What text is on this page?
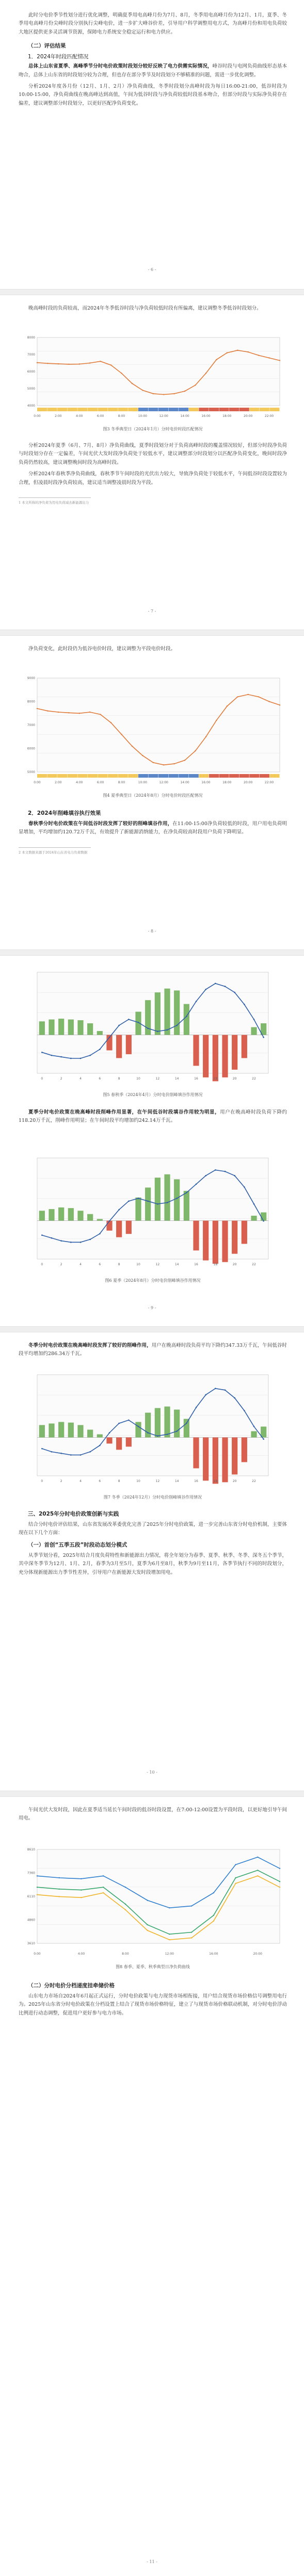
此时分电价季节性划分进行优化调整，明确夏季用电高峰月份为7月、8月，冬季用电高峰月份为12月、1月，夏季、冬季用电高峰月份尖峰时段分别执行尖峰电价，进一步扩大峰谷价差，引导用户科学调整用电方式，为高峰月份和用电负荷较大地区提供更多灵活调节资源，保障电力系统安全稳定运行和电力供应。

（二）评估结果

1．2024年时段匹配情况

总体上山东省夏季、高峰季节分时电价政策时段划分较好反映了电力供需实际情况，峰谷时段与电网负荷曲线形态基本吻合，总体上山东省的时段划分较为合理，但也存在部分季节及时段划分不够精准的问题，需进一步优化调整。

分析2024年度各月份（12月、1月、2月）净负荷曲线，冬季时段划分高峰时段为每日16:00-21:00，低谷时段为10:00-15:00，净负荷曲线在晚高峰达到高值，午间为低谷时段与净负荷较低时段基本吻合，但部分时段与实际净负荷存在偏差，建议调整部分时段划分，以更好匹配净负荷变化。

- 6 -

晚高峰时段的负荷较高，而2024年冬季低谷时段与净负荷较低时段有所偏离，建议调整冬季低谷时段划分。

0:00	2:00	4:00	6:00	8:00	10:00	12:00	14:00	16:00	18:00	20:00	22:00
4000
5000
6000
7000
8000

图3 冬季典型日（2024年1月）分时电价时段匹配情况

分析2024年夏季（6月、7月、8月）净负荷曲线，夏季时段划分对于负荷高峰时段的覆盖情况较好，但部分时段净负荷与时段划分存在一定偏差，午间光伏大发时段净负荷处于较低水平，建议调整部分时段划分以匹配净负荷变化，晚间时段净负荷仍然较高，建议调整晚间时段为高峰时段。

分析2024年春秋季净负荷曲线，春秋季节午间时段的光伏出力较大，导致净负荷处于较低水平，午间低谷时段设置较为合理，但凌晨时段净负荷较高，建议适当调整凌晨时段为平段。

1 本文所称的净负荷为用电负荷减去新能源出力

- 7 -

净负荷变化，此时段仍为低谷电价时段，建议调整为平段电价时段。

0:00	2:00	4:00	6:00	8:00	10:00	12:00	14:00	16:00	18:00	20:00	22:00
5000
6000
7000
8000
9000

图4 夏季典型日（2024年8月）分时电价时段匹配情况

2．2024年削峰填谷执行效果

春秋季分时电价政策在午间低谷时段发挥了较好的削峰填谷作用，在11:00-15:00净负荷较低的时段，用户用电负荷明显增加，平均增加约120.72万千瓦，有效提升了新能源消纳能力，在净负荷较高时段用户负荷下降明显。

2 本文数据来源于2024年山东省电力负荷数据

- 8 -
0	2	4	6	8	10	12	14	16	18	20	22

图5 春秋季（2024年4月）分时电价削峰填谷作用情况

夏季分时电价政策在晚高峰时段削峰作用显著，在午间低谷时段填谷作用较为明显，用户在晚高峰时段负荷下降约118.20万千瓦，削峰作用明显；在午间时段平均增加约242.14万千瓦。

0	2	4	6	8	10	12	14	16	18	20	22

图6 夏季（2024年8月）分时电价削峰填谷作用情况

- 9 -

冬季分时电价政策在晚高峰时段发挥了较好的削峰作用，用户在晚高峰时段负荷平均下降约347.33万千瓦，午间低谷时段平均增加约286.34万千瓦。

0	2	4	6	8	10	12	14	16	18	20	22

图7 冬季（2024年12月）分时电价削峰填谷作用情况

三、2025年分时电价政策创新与实践

结合分时电价评估结果，山东省发展改革委优化完善了2025年分时电价政策，进一步完善山东省分时电价机制，主要体现在以下几个方面：

（一）首创“五季五段”时段动态划分模式

从季节划分看，2025年结合月度负荷特性和新能源出力情况，将全年划分为春季、夏季、秋季、冬季、深冬五个季节，其中深冬季节为12月、1月、2月，春季为3月至5月，夏季为6月至8月，秋季为9月至11月，各季节执行不同的时段划分，充分体现新能源出力季节性差异，引导用户在新能源大发时段增加用电。

- 10 -

午间光伏大发时段，因此在夏季适当延长午间时段的低谷时段设置，在7:00-12:00设置为平段时段，以更好地引导午间用电。

0:00	4:00	8:00	12:00	16:00	20:00
3610
4860
6110
7360
8610

图8 春季、夏季、秋季典型日净负荷曲线

（二）分时电价分档递度挂牵储价格

山东电力市场自2024年6月起正式运行，分时电价政策与电力现货市场相衔接，用户结合现货市场价格信号调整用电行为。2025年山东省分时电价政策在分档设置上结合了现货市场价格特征，建立了与现货市场价格联动机制，对分时电价浮动比例进行动态调整，促进用户更好参与电力市场。

- 11 -
